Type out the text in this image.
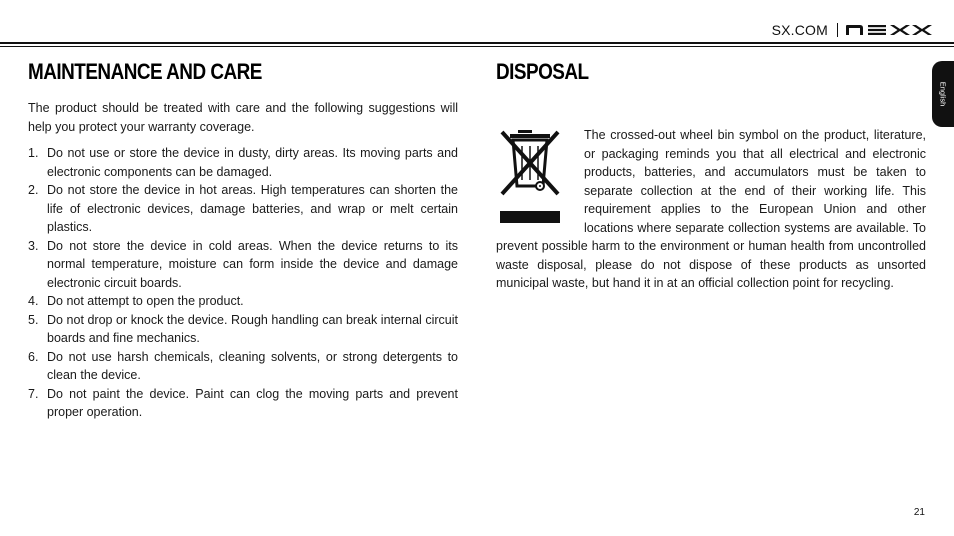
SX.COM
English
MAINTENANCE AND CARE

The product should be treated with care and the following suggestions will help you protect your warranty coverage.

1. Do not use or store the device in dusty, dirty areas. Its moving parts and electronic components can be damaged.
2. Do not store the device in hot areas. High temperatures can shorten the life of electronic devices, damage batteries, and wrap or melt certain plastics.
3. Do not store the device in cold areas. When the device returns to its normal temperature, moisture can form inside the device and damage electronic circuit boards.
4. Do not attempt to open the product.
5. Do not drop or knock the device. Rough handling can break internal circuit boards and fine mechanics.
6. Do not use harsh chemicals, cleaning solvents, or strong detergents to clean the device.
7. Do not paint the device. Paint can clog the moving parts and prevent proper operation.
DISPOSAL

The crossed-out wheel bin symbol on the product, literature, or packaging reminds you that all electrical and electronic products, batteries, and accumulators must be taken to separate collection at the end of their working life. This requirement applies to the European Union and other locations where separate collection systems are available. To prevent possible harm to the environment or human health from uncontrolled waste disposal, please do not dispose of these products as unsorted municipal waste, but hand it in at an official collection point for recycling.

21
